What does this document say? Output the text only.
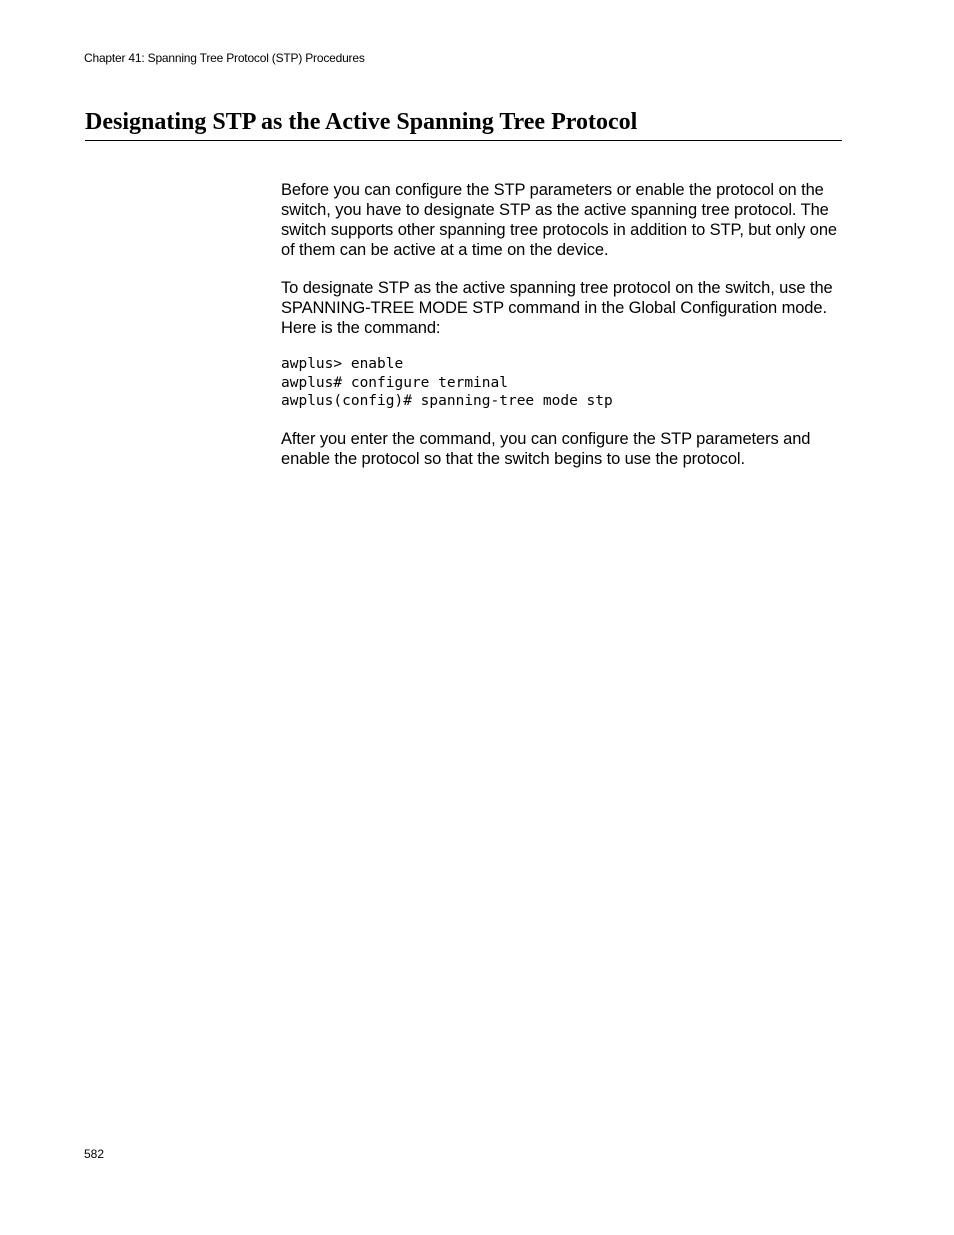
Chapter 41: Spanning Tree Protocol (STP) Procedures
Designating STP as the Active Spanning Tree Protocol

Before you can configure the STP parameters or enable the protocol on the switch, you have to designate STP as the active spanning tree protocol. The switch supports other spanning tree protocols in addition to STP, but only one of them can be active at a time on the device.

To designate STP as the active spanning tree protocol on the switch, use the SPANNING-TREE MODE STP command in the Global Configuration mode. Here is the command:

awplus> enable
awplus# configure terminal
awplus(config)# spanning-tree mode stp

After you enter the command, you can configure the STP parameters and enable the protocol so that the switch begins to use the protocol.

582
